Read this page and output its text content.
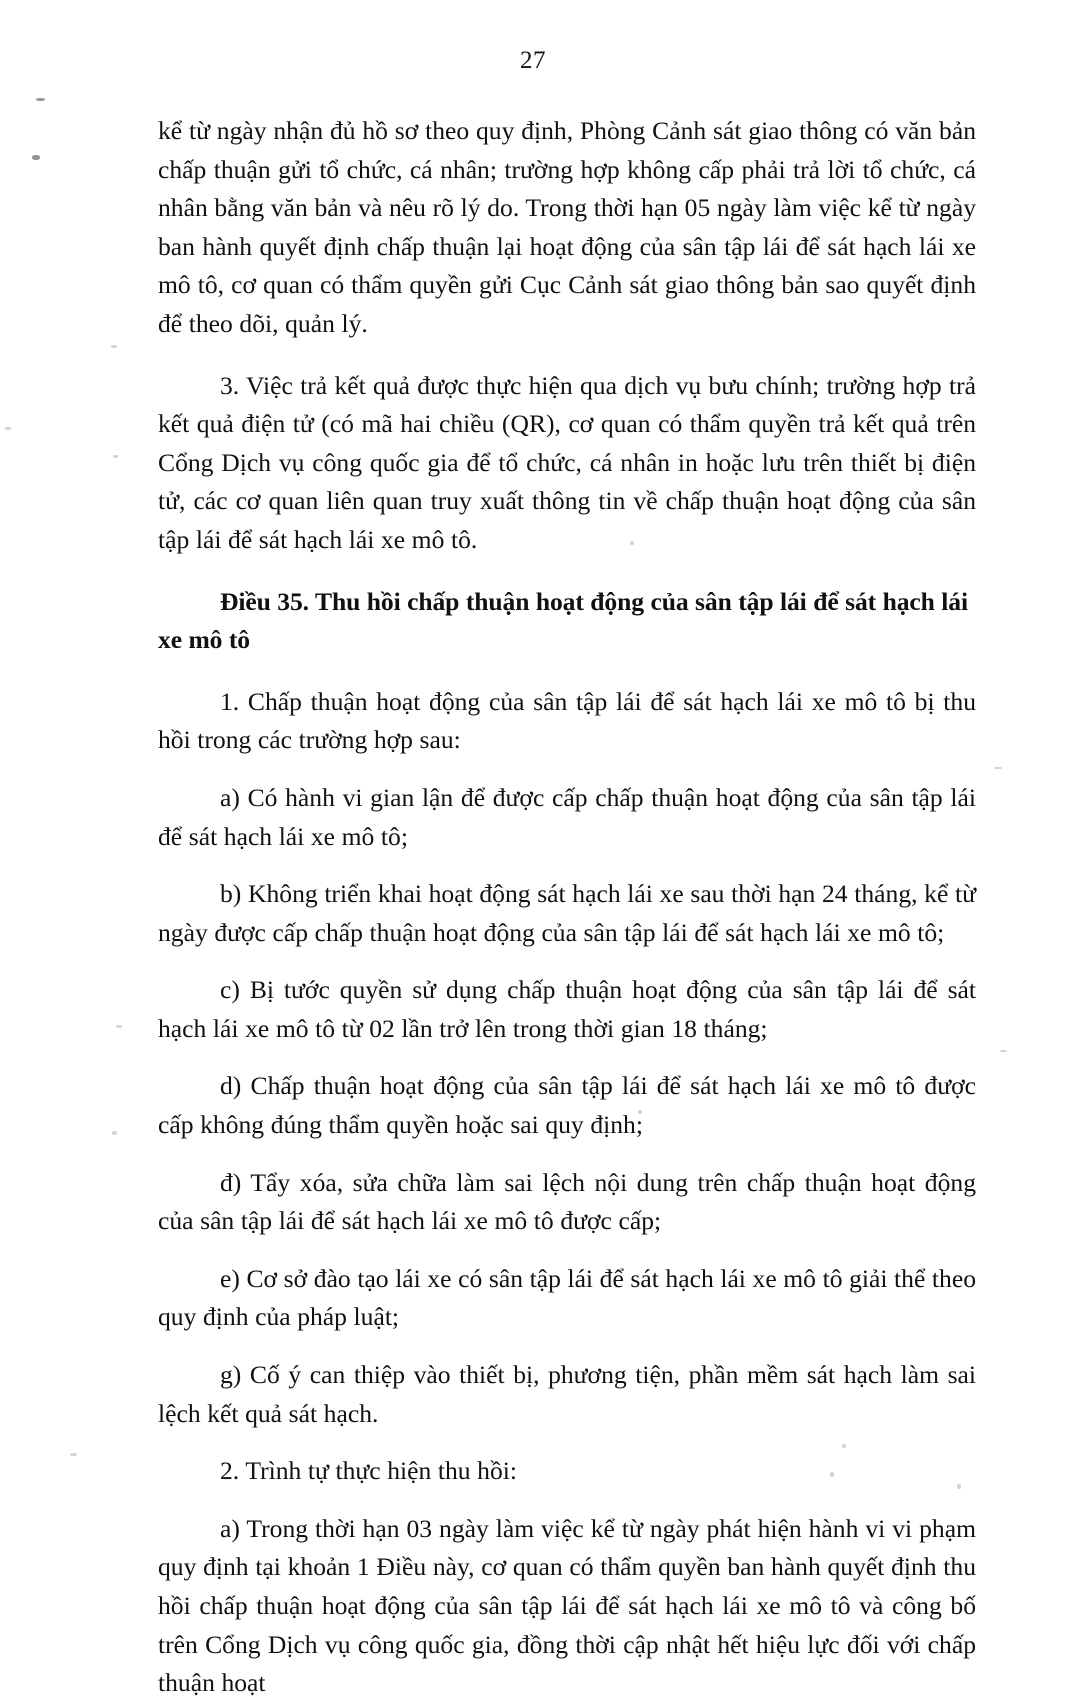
27

kể từ ngày nhận đủ hồ sơ theo quy định, Phòng Cảnh sát giao thông có văn bản chấp thuận gửi tổ chức, cá nhân; trường hợp không cấp phải trả lời tổ chức, cá nhân bằng văn bản và nêu rõ lý do. Trong thời hạn 05 ngày làm việc kể từ ngày ban hành quyết định chấp thuận lại hoạt động của sân tập lái để sát hạch lái xe mô tô, cơ quan có thẩm quyền gửi Cục Cảnh sát giao thông bản sao quyết định để theo dõi, quản lý.

3. Việc trả kết quả được thực hiện qua dịch vụ bưu chính; trường hợp trả kết quả điện tử (có mã hai chiều (QR), cơ quan có thẩm quyền trả kết quả trên Cổng Dịch vụ công quốc gia để tổ chức, cá nhân in hoặc lưu trên thiết bị điện tử, các cơ quan liên quan truy xuất thông tin về chấp thuận hoạt động của sân tập lái để sát hạch lái xe mô tô.

Điều 35. Thu hồi chấp thuận hoạt động của sân tập lái để sát hạch lái xe mô tô

1. Chấp thuận hoạt động của sân tập lái để sát hạch lái xe mô tô bị thu hồi trong các trường hợp sau:

a) Có hành vi gian lận để được cấp chấp thuận hoạt động của sân tập lái để sát hạch lái xe mô tô;

b) Không triển khai hoạt động sát hạch lái xe sau thời hạn 24 tháng, kể từ ngày được cấp chấp thuận hoạt động của sân tập lái để sát hạch lái xe mô tô;

c) Bị tước quyền sử dụng chấp thuận hoạt động của sân tập lái để sát hạch lái xe mô tô từ 02 lần trở lên trong thời gian 18 tháng;

d) Chấp thuận hoạt động của sân tập lái để sát hạch lái xe mô tô được cấp không đúng thẩm quyền hoặc sai quy định;

đ) Tẩy xóa, sửa chữa làm sai lệch nội dung trên chấp thuận hoạt động của sân tập lái để sát hạch lái xe mô tô được cấp;

e) Cơ sở đào tạo lái xe có sân tập lái để sát hạch lái xe mô tô giải thể theo quy định của pháp luật;

g) Cố ý can thiệp vào thiết bị, phương tiện, phần mềm sát hạch làm sai lệch kết quả sát hạch.

2. Trình tự thực hiện thu hồi:

a) Trong thời hạn 03 ngày làm việc kể từ ngày phát hiện hành vi vi phạm quy định tại khoản 1 Điều này, cơ quan có thẩm quyền ban hành quyết định thu hồi chấp thuận hoạt động của sân tập lái để sát hạch lái xe mô tô và công bố trên Cổng Dịch vụ công quốc gia, đồng thời cập nhật hết hiệu lực đối với chấp thuận hoạt
